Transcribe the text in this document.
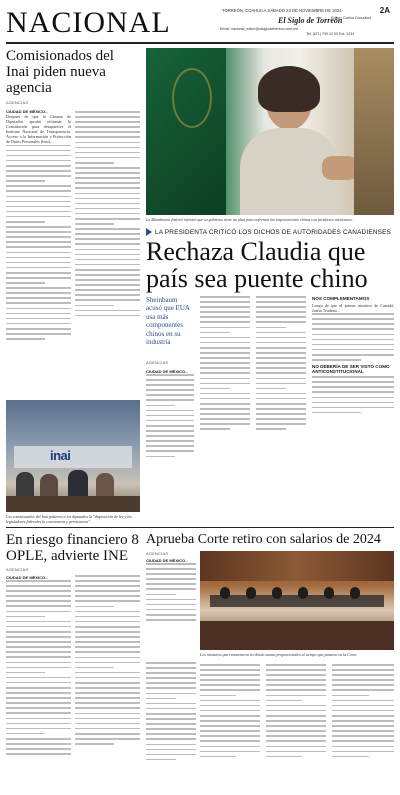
NACIONAL	TORREÓN, COAHUILA SÁBADO 23 DE NOVIEMBRE DE 2024	2A
El Siglo de Torreón
Editor: Carlos González
Email: nacional_editor@elsiglodetorreon.com.mx
Tel: (871) 759 12 00 Ext: 1234
Comisionados del Inai piden nueva agencia
AGENCIAS
CIUDAD DE MÉXICO.-
Después de que la Cámara de Diputados aprobó reformar la Constitución para desaparecer el Instituto Nacional de Transparencia, Acceso a la Información y Protección de Datos Personales (Inai)...
inai
Los comisionados del Inai pidieron a los diputados la "disposición de ley y los legisladores federales la convivencia y persistencia".
La Mandataria federal informó que su gobierno tiene un plan para enfrentar las importaciones chinas con productos mexicanos.
LA PRESIDENTA CRITICÓ LOS DICHOS DE AUTORIDADES CANADIENSES
Rechaza Claudia que país sea puente chino
Sheinbaum acusó que EUA usa más componentes chinos en su industria
AGENCIAS
CIUDAD DE MÉXICO.-
NOS COMPLEMENTAMOS
Luego de que el primer ministro de Canadá, Justin Trudeau...
NO DEBERÍA DE SER VISTO COMO ANTICONSTITUCIONAL
En riesgo financiero 8 OPLE, advierte INE
AGENCIAS
CIUDAD DE MÉXICO.-
Aprueba Corte retiro con salarios de 2024
AGENCIAS
CIUDAD DE MÉXICO.-
Los ministros que renunciaron recibirán sumas proporcionales al tiempo que pasaron en la Corte.
